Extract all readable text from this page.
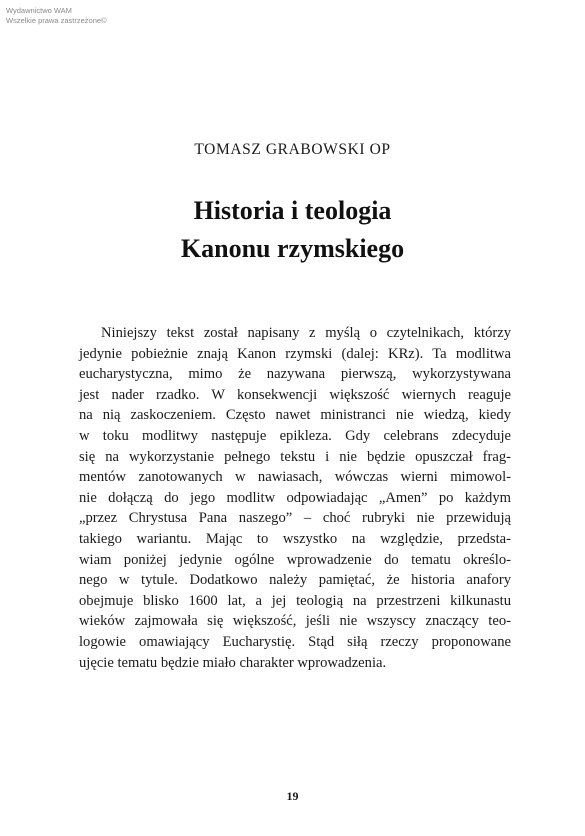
Wydawnictwo WAM
Wszelkie prawa zastrzeżone©
TOMASZ GRABOWSKI OP
Historia i teologia
Kanonu rzymskiego
Niniejszy tekst został napisany z myślą o czytelnikach, którzy
jedynie pobieżnie znają Kanon rzymski (dalej: KRz). Ta modlitwa
eucharystyczna, mimo że nazywana pierwszą, wykorzystywana
jest nader rzadko. W konsekwencji większość wiernych reaguje
na nią zaskoczeniem. Często nawet ministranci nie wiedzą, kiedy
w toku modlitwy następuje epikleza. Gdy celebrans zdecyduje
się na wykorzystanie pełnego tekstu i nie będzie opuszczał frag-
mentów zanotowanych w nawiasach, wówczas wierni mimowol-
nie dołączą do jego modlitw odpowiadając „Amen” po każdym
„przez Chrystusa Pana naszego” – choć rubryki nie przewidują
takiego wariantu. Mając to wszystko na względzie, przedsta-
wiam poniżej jedynie ogólne wprowadzenie do tematu określo-
nego w tytule. Dodatkowo należy pamiętać, że historia anafory
obejmuje blisko 1600 lat, a jej teologią na przestrzeni kilkunastu
wieków zajmowała się większość, jeśli nie wszyscy znaczący teo-
logowie omawiający Eucharystię. Stąd siłą rzeczy proponowane
ujęcie tematu będzie miało charakter wprowadzenia.
19
